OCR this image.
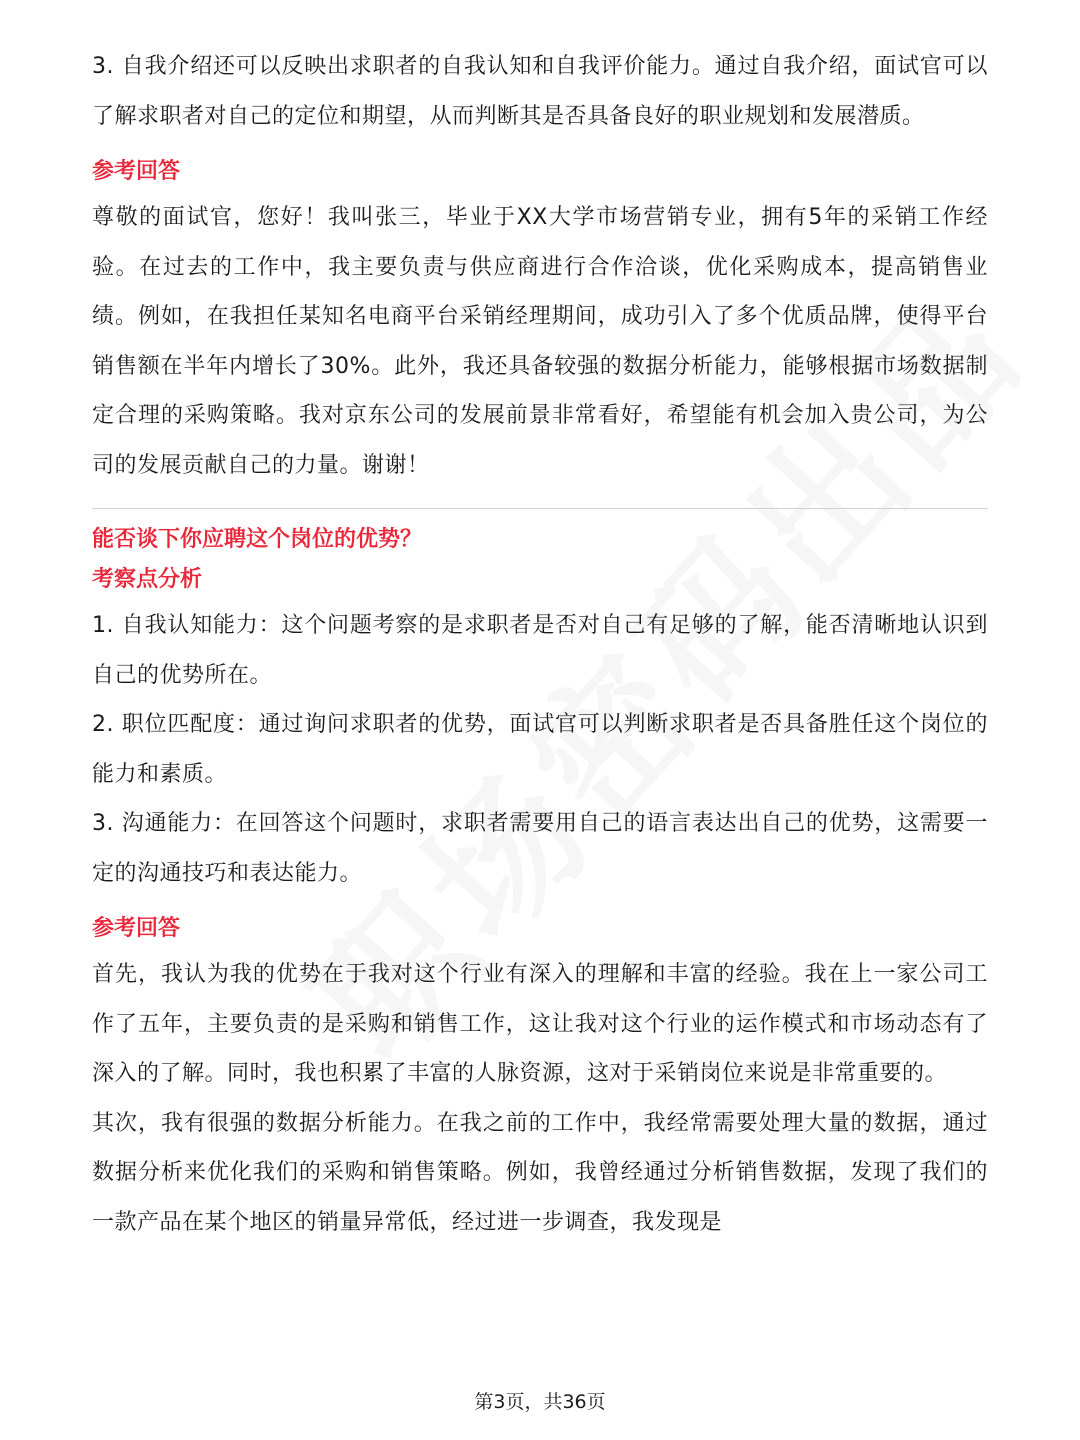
3. 自我介绍还可以反映出求职者的自我认知和自我评价能力。通过自我介绍，面试官可以了解求职者对自己的定位和期望，从而判断其是否具备良好的职业规划和发展潜质。

参考回答

尊敬的面试官，您好！我叫张三，毕业于XX大学市场营销专业，拥有5年的采销工作经验。在过去的工作中，我主要负责与供应商进行合作洽谈，优化采购成本，提高销售业绩。例如，在我担任某知名电商平台采销经理期间，成功引入了多个优质品牌，使得平台销售额在半年内增长了30%。此外，我还具备较强的数据分析能力，能够根据市场数据制定合理的采购策略。我对京东公司的发展前景非常看好，希望能有机会加入贵公司，为公司的发展贡献自己的力量。谢谢！

能否谈下你应聘这个岗位的优势？

考察点分析

1. 自我认知能力：这个问题考察的是求职者是否对自己有足够的了解，能否清晰地认识到自己的优势所在。

2. 职位匹配度：通过询问求职者的优势，面试官可以判断求职者是否具备胜任这个岗位的能力和素质。

3. 沟通能力：在回答这个问题时，求职者需要用自己的语言表达出自己的优势，这需要一定的沟通技巧和表达能力。

参考回答

首先，我认为我的优势在于我对这个行业有深入的理解和丰富的经验。我在上一家公司工作了五年，主要负责的是采购和销售工作，这让我对这个行业的运作模式和市场动态有了深入的了解。同时，我也积累了丰富的人脉资源，这对于采销岗位来说是非常重要的。

其次，我有很强的数据分析能力。在我之前的工作中，我经常需要处理大量的数据，通过数据分析来优化我们的采购和销售策略。例如，我曾经通过分析销售数据，发现了我们的一款产品在某个地区的销量异常低，经过进一步调查，我发现是

第3页，共36页
